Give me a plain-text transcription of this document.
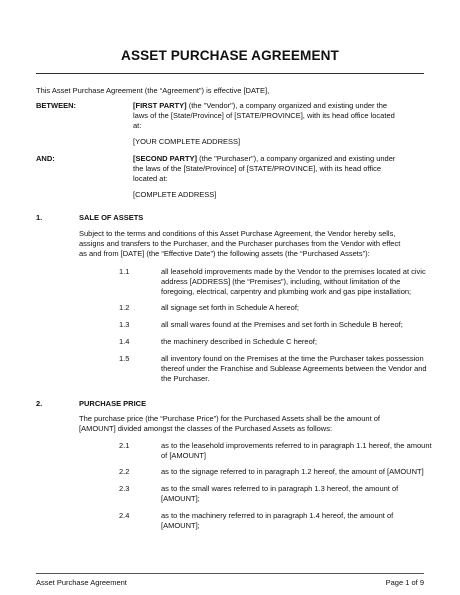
ASSET PURCHASE AGREEMENT

This Asset Purchase Agreement (the “Agreement”) is effective [DATE],

BETWEEN:	[FIRST PARTY] (the "Vendor"), a company organized and existing under the

laws of the [State/Province] of [STATE/PROVINCE], with its head office located

at:

[YOUR COMPLETE ADDRESS]

AND:	[SECOND PARTY] (the "Purchaser"), a company organized and existing under

the laws of the [State/Province] of [STATE/PROVINCE], with its head office

located at:

[COMPLETE ADDRESS]

1.	SALE OF ASSETS

Subject to the terms and conditions of this Asset Purchase Agreement, the Vendor hereby sells,

assigns and transfers to the Purchaser, and the Purchaser purchases from the Vendor with effect

as and from [DATE] (the “Effective Date”) the following assets (the “Purchased Assets”):

1.1	all leasehold improvements made by the Vendor to the premises located at civic

address [ADDRESS] (the “Premises”), including, without limitation of the

foregoing, electrical, carpentry and plumbing work and gas pipe installation;

1.2	all signage set forth in Schedule A hereof;

1.3	all small wares found at the Premises and set forth in Schedule B hereof;

1.4	the machinery described in Schedule C hereof;

1.5	all inventory found on the Premises at the time the Purchaser takes possession

thereof under the Franchise and Sublease Agreements between the Vendor and

the Purchaser.

2.	PURCHASE PRICE

The purchase price (the “Purchase Price”) for the Purchased Assets shall be the amount of

[AMOUNT] divided amongst the classes of the Purchased Assets as follows:

2.1	as to the leasehold improvements referred to in paragraph 1.1 hereof, the amount

of [AMOUNT]

2.2	as to the signage referred to in paragraph 1.2 hereof, the amount of [AMOUNT]

2.3	as to the small wares referred to in paragraph 1.3 hereof, the amount of

[AMOUNT];

2.4	as to the machinery referred to in paragraph 1.4 hereof, the amount of

[AMOUNT];

Asset Purchase Agreement	Page 1 of 9
